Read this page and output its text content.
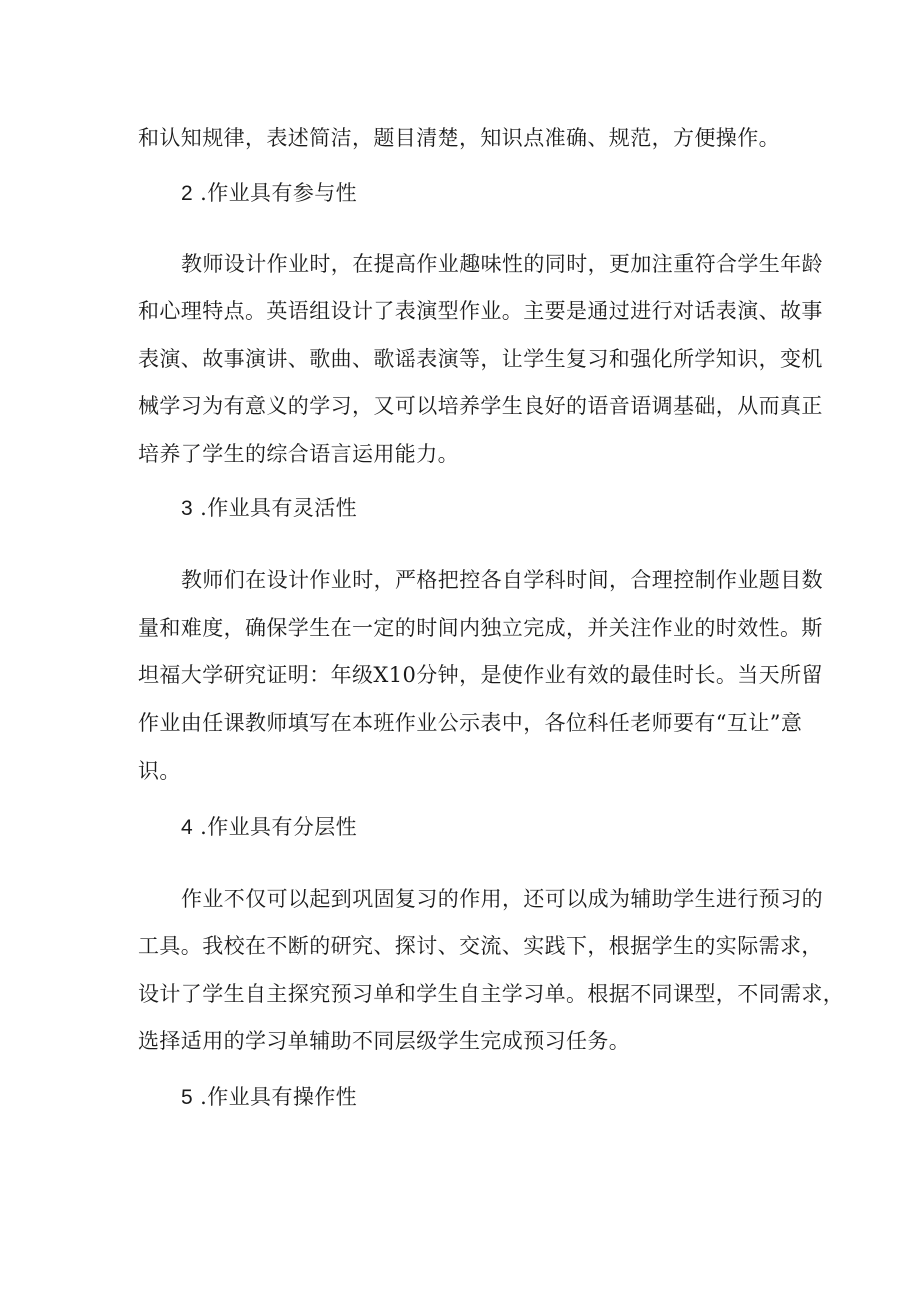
和认知规律，表述简洁，题目清楚，知识点准确、规范，方便操作。
2 .作业具有参与性
教师设计作业时，在提高作业趣味性的同时，更加注重符合学生年龄
和心理特点。英语组设计了表演型作业。主要是通过进行对话表演、故事
表演、故事演讲、歌曲、歌谣表演等，让学生复习和强化所学知识，变机
械学习为有意义的学习，又可以培养学生良好的语音语调基础，从而真正
培养了学生的综合语言运用能力。
3 .作业具有灵活性
教师们在设计作业时，严格把控各自学科时间，合理控制作业题目数
量和难度，确保学生在一定的时间内独立完成，并关注作业的时效性。斯
坦福大学研究证明：年级X10分钟，是使作业有效的最佳时长。当天所留
作业由任课教师填写在本班作业公示表中，各位科任老师要有“互让”意
识。
4 .作业具有分层性
作业不仅可以起到巩固复习的作用，还可以成为辅助学生进行预习的
工具。我校在不断的研究、探讨、交流、实践下，根据学生的实际需求，
设计了学生自主探究预习单和学生自主学习单。根据不同课型，不同需求，
选择适用的学习单辅助不同层级学生完成预习任务。
5 .作业具有操作性
